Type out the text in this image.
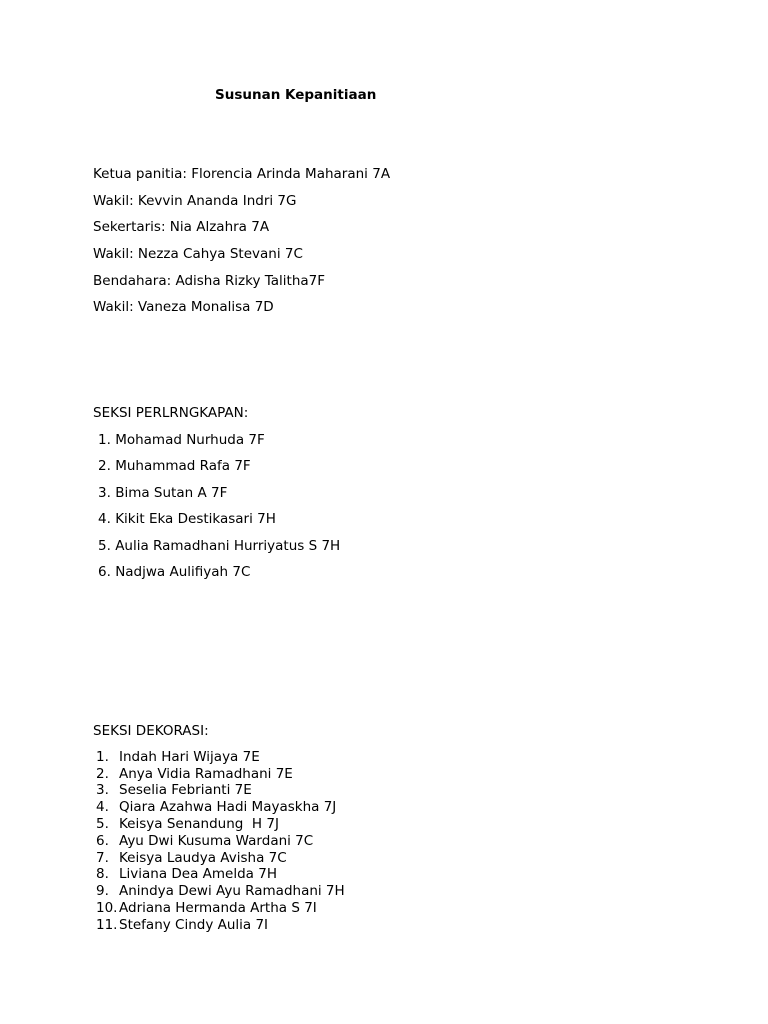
Susunan Kepanitiaan
Ketua panitia: Florencia Arinda Maharani 7A
Wakil: Kevvin Ananda Indri 7G
Sekertaris: Nia Alzahra 7A
Wakil: Nezza Cahya Stevani 7C
Bendahara: Adisha Rizky Talitha7F
Wakil: Vaneza Monalisa 7D
SEKSI PERLRNGKAPAN:
1. Mohamad Nurhuda 7F
2. Muhammad Rafa 7F
3. Bima Sutan A 7F
4. Kikit Eka Destikasari 7H
5. Aulia Ramadhani Hurriyatus S 7H
6. Nadjwa Aulifiyah 7C
SEKSI DEKORASI:
1. Indah Hari Wijaya 7E
2. Anya Vidia Ramadhani 7E
3. Seselia Febrianti 7E
4. Qiara Azahwa Hadi Mayaskha 7J
5. Keisya Senandung  H 7J
6. Ayu Dwi Kusuma Wardani 7C
7. Keisya Laudya Avisha 7C
8. Liviana Dea Amelda 7H
9. Anindya Dewi Ayu Ramadhani 7H
10. Adriana Hermanda Artha S 7I
11. Stefany Cindy Aulia 7I
